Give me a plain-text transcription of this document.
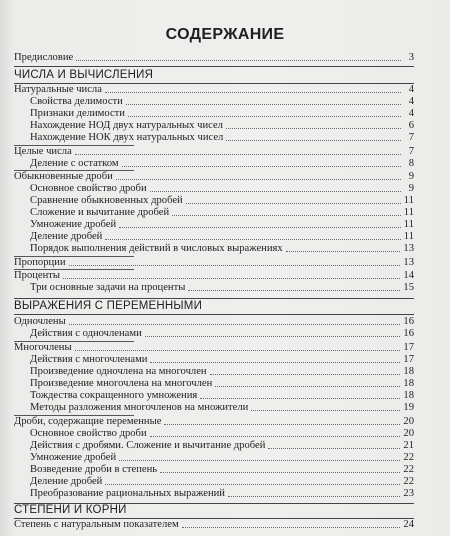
СОДЕРЖАНИЕ
Предисловие	3
ЧИСЛА И ВЫЧИСЛЕНИЯ
Натуральные числа	4
Свойства делимости	4
Признаки делимости	4
Нахождение НОД двух натуральных чисел	6
Нахождение НОК двух натуральных чисел	7
Целые числа	7
Деление с остатком	8
Обыкновенные дроби	9
Основное свойство дроби	9
Сравнение обыкновенных дробей	11
Сложение и вычитание дробей	11
Умножение дробей	11
Деление дробей	11
Порядок выполнения действий в числовых выражениях	13
Пропорции	13
Проценты	14
Три основные задачи на проценты	15
ВЫРАЖЕНИЯ С ПЕРЕМЕННЫМИ
Одночлены	16
Действия с одночленами	16
Многочлены	17
Действия с многочленами	17
Произведение одночлена на многочлен	18
Произведение многочлена на многочлен	18
Тождества сокращенного умножения	18
Методы разложения многочленов на множители	19
Дроби, содержащие переменные	20
Основное свойство дроби	20
Действия с дробями. Сложение и вычитание дробей	21
Умножение дробей	22
Возведение дроби в степень	22
Деление дробей	22
Преобразование рациональных выражений	23
СТЕПЕНИ И КОРНИ
Степень с натуральным показателем	24
